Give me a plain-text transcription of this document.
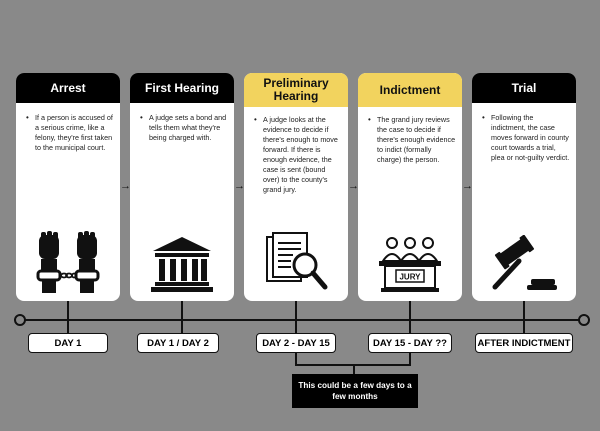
Arrest
• If a person is accused of a serious crime, like a felony, they're first taken to the municipal court.
First Hearing
• A judge sets a bond and tells them what they're being charged with.
Preliminary Hearing
• A judge looks at the evidence to decide if there's enough to move forward. If there is enough evidence, the case is sent (bound over) to the county's grand jury.
Indictment
• The grand jury reviews the case to decide if there's enough evidence to indict (formally charge) the person.
JURY
Trial
• Following the indictment, the case moves forward in county court towards a trial, plea or not-guilty verdict.
→	→	→	→
DAY 1	DAY 1 / DAY 2	DAY 2 - DAY 15	DAY 15 - DAY ??	AFTER INDICTMENT
This could be a few days to a few months
